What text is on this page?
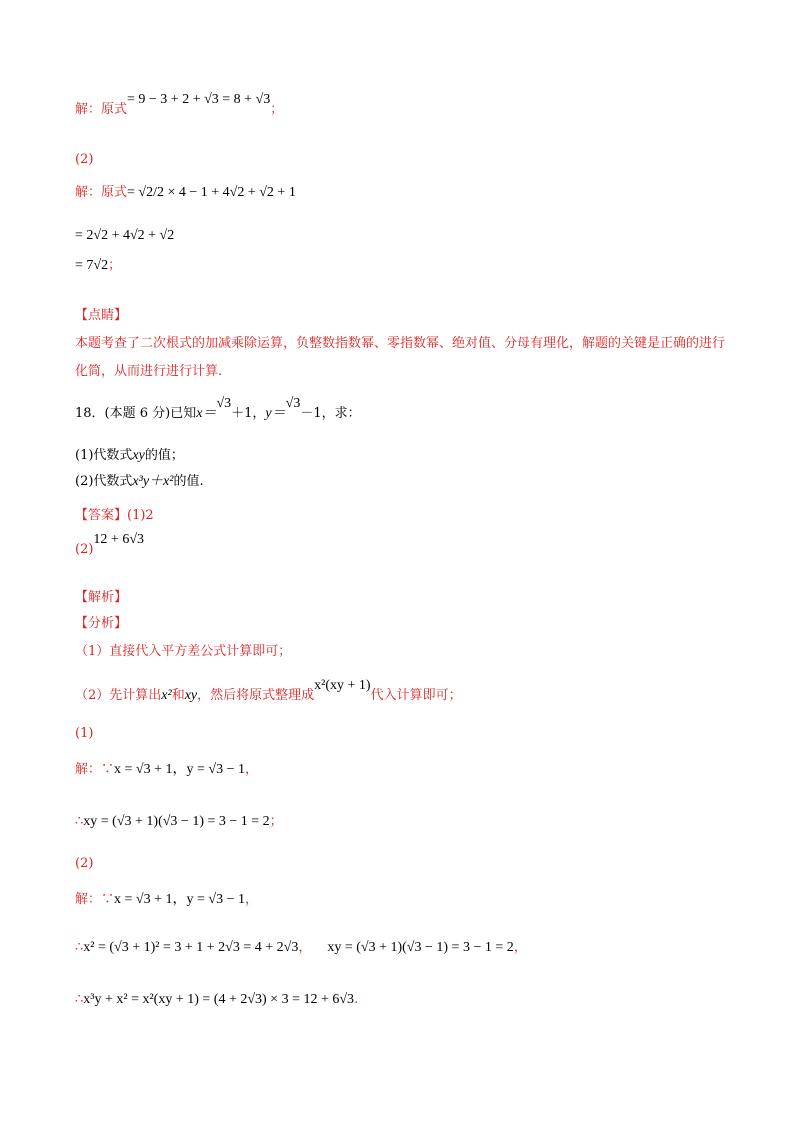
解：原式= 9 − 3 + 2 + √3 = 8 + √3；
(2)
解：原式= √2/2 × 4 − 1 + 4√2 + √2 + 1
= 2√2 + 4√2 + √2
= 7√2；
【点睛】
本题考查了二次根式的加减乘除运算，负整数指数幂、零指数幂、绝对值、分母有理化，解题的关键是正确的进行化简，从而进行进行计算.
18．(本题 6 分)已知x＝√3＋1，y＝√3－1，求：
(1)代数式xy的值；
(2)代数式x³y＋x²的值.
【答案】(1)2
(2)12 + 6√3
【解析】
【分析】
（1）直接代入平方差公式计算即可；
（2）先计算出x²和xy，然后将原式整理成x²(xy + 1)代入计算即可；
(1)
解：∵x = √3 + 1，y = √3 − 1，
∴xy = (√3 + 1)(√3 − 1) = 3 − 1 = 2；
(2)
解：∵x = √3 + 1，y = √3 − 1，
∴x² = (√3 + 1)² = 3 + 1 + 2√3 = 4 + 2√3， xy = (√3 + 1)(√3 − 1) = 3 − 1 = 2，
∴x³y + x² = x²(xy + 1) = (4 + 2√3) × 3 = 12 + 6√3.
